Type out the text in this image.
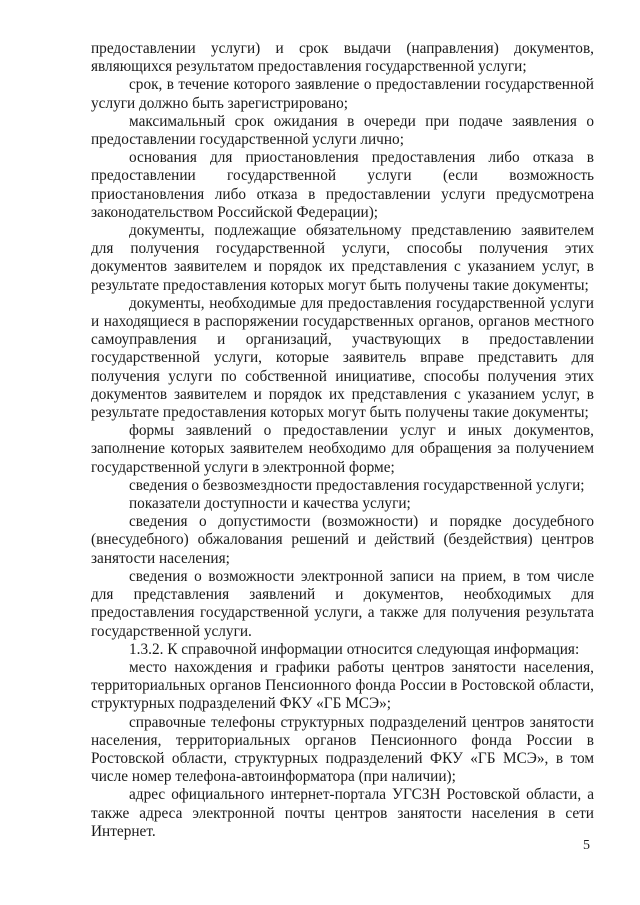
предоставлении услуги) и срок выдачи (направления) документов, являющихся результатом предоставления государственной услуги;

срок, в течение которого заявление о предоставлении государственной услуги должно быть зарегистрировано;

максимальный срок ожидания в очереди при подаче заявления о предоставлении государственной услуги лично;

основания для приостановления предоставления либо отказа в предоставлении государственной услуги (если возможность приостановления либо отказа в предоставлении услуги предусмотрена законодательством Российской Федерации);

документы, подлежащие обязательному представлению заявителем для получения государственной услуги, способы получения этих документов заявителем и порядок их представления с указанием услуг, в результате предоставления которых могут быть получены такие документы;

документы, необходимые для предоставления государственной услуги и находящиеся в распоряжении государственных органов, органов местного самоуправления и организаций, участвующих в предоставлении государственной услуги, которые заявитель вправе представить для получения услуги по собственной инициативе, способы получения этих документов заявителем и порядок их представления с указанием услуг, в результате предоставления которых могут быть получены такие документы;

формы заявлений о предоставлении услуг и иных документов, заполнение которых заявителем необходимо для обращения за получением государственной услуги в электронной форме;

сведения о безвозмездности предоставления государственной услуги;

показатели доступности и качества услуги;

сведения о допустимости (возможности) и порядке досудебного (внесудебного) обжалования решений и действий (бездействия) центров занятости населения;

сведения о возможности электронной записи на прием, в том числе для представления заявлений и документов, необходимых для предоставления государственной услуги, а также для получения результата государственной услуги.

1.3.2. К справочной информации относится следующая информация:

место нахождения и графики работы центров занятости населения, территориальных органов Пенсионного фонда России в Ростовской области, структурных подразделений ФКУ «ГБ МСЭ»;

справочные телефоны структурных подразделений центров занятости населения, территориальных органов Пенсионного фонда России в Ростовской области, структурных подразделений ФКУ «ГБ МСЭ», в том числе номер телефона-автоинформатора (при наличии);

адрес официального интернет-портала УГСЗН Ростовской области, а также адреса электронной почты центров занятости населения в сети Интернет.

5
